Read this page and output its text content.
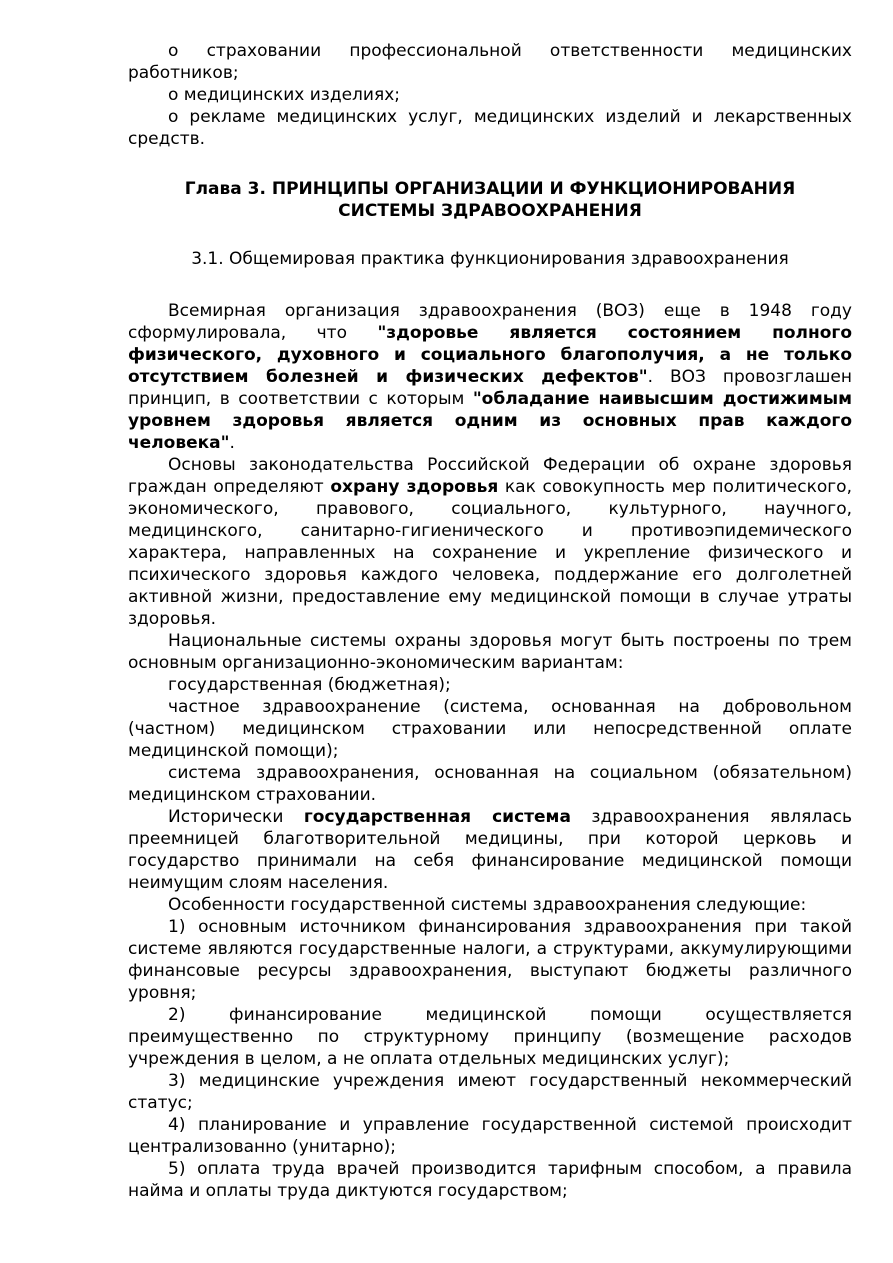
о страховании профессиональной ответственности медицинских работников;

о медицинских изделиях;

о рекламе медицинских услуг, медицинских изделий и лекарственных средств.

Глава 3. ПРИНЦИПЫ ОРГАНИЗАЦИИ И ФУНКЦИОНИРОВАНИЯ
СИСТЕМЫ ЗДРАВООХРАНЕНИЯ
3.1. Общемировая практика функционирования здравоохранения

Всемирная организация здравоохранения (ВОЗ) еще в 1948 году сформулировала, что "здоровье является состоянием полного физического, духовного и социального благополучия, а не только отсутствием болезней и физических дефектов". ВОЗ провозглашен принцип, в соответствии с которым "обладание наивысшим достижимым уровнем здоровья является одним из основных прав каждого человека".

Основы законодательства Российской Федерации об охране здоровья граждан определяют охрану здоровья как совокупность мер политического, экономического, правового, социального, культурного, научного, медицинского, санитарно-гигиенического и противоэпидемического характера, направленных на сохранение и укрепление физического и психического здоровья каждого человека, поддержание его долголетней активной жизни, предоставление ему медицинской помощи в случае утраты здоровья.

Национальные системы охраны здоровья могут быть построены по трем основным организационно-экономическим вариантам:

государственная (бюджетная);

частное здравоохранение (система, основанная на добровольном (частном) медицинском страховании или непосредственной оплате медицинской помощи);

система здравоохранения, основанная на социальном (обязательном) медицинском страховании.

Исторически государственная система здравоохранения являлась преемницей благотворительной медицины, при которой церковь и государство принимали на себя финансирование медицинской помощи неимущим слоям населения.

Особенности государственной системы здравоохранения следующие:

1) основным источником финансирования здравоохранения при такой системе являются государственные налоги, а структурами, аккумулирующими финансовые ресурсы здравоохранения, выступают бюджеты различного уровня;

2) финансирование медицинской помощи осуществляется преимущественно по структурному принципу (возмещение расходов учреждения в целом, а не оплата отдельных медицинских услуг);

3) медицинские учреждения имеют государственный некоммерческий статус;

4) планирование и управление государственной системой происходит централизованно (унитарно);

5) оплата труда врачей производится тарифным способом, а правила найма и оплаты труда диктуются государством;
